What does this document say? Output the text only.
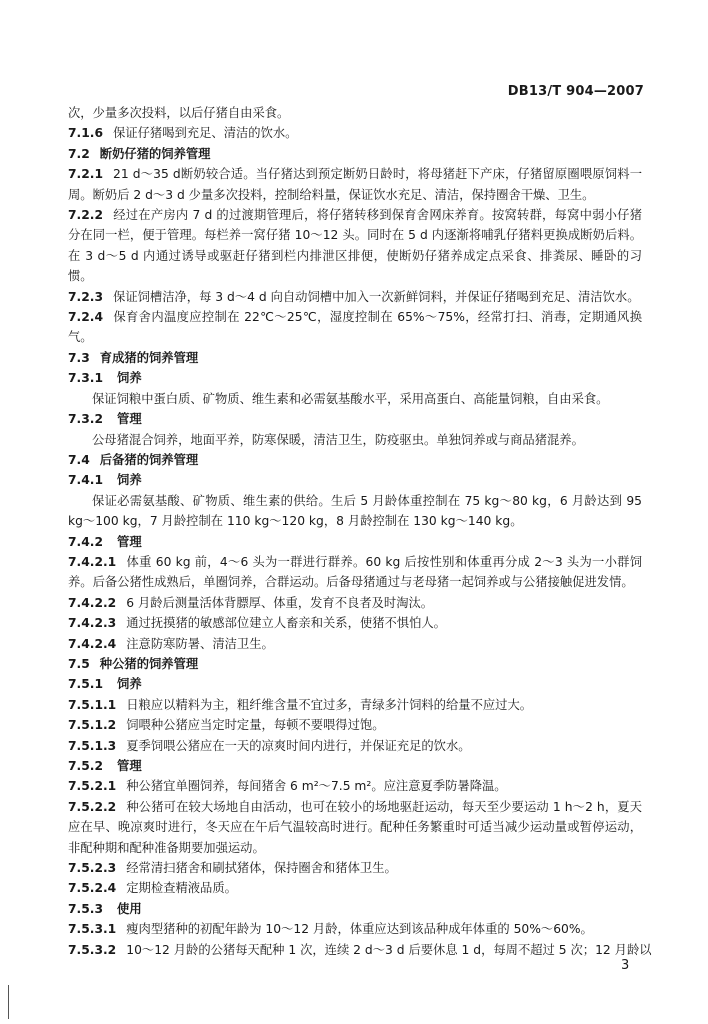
DB13/T 904—2007
次，少量多次投料，以后仔猪自由采食。
7.1.6 保证仔猪喝到充足、清洁的饮水。
7.2 断奶仔猪的饲养管理
7.2.1 21 d～35 d断奶较合适。当仔猪达到预定断奶日龄时，将母猪赶下产床，仔猪留原圈喂原饲料一周。断奶后 2 d～3 d 少量多次投料，控制给料量，保证饮水充足、清洁，保持圈舍干燥、卫生。
7.2.2 经过在产房内 7 d 的过渡期管理后，将仔猪转移到保育舍网床养育。按窝转群，每窝中弱小仔猪分在同一栏，便于管理。每栏养一窝仔猪 10～12 头。同时在 5 d 内逐渐将哺乳仔猪料更换成断奶后料。在 3 d～5 d 内通过诱导或驱赶仔猪到栏内排泄区排便，使断奶仔猪养成定点采食、排粪尿、睡卧的习惯。
7.2.3 保证饲槽洁净，每 3 d～4 d 向自动饲槽中加入一次新鲜饲料，并保证仔猪喝到充足、清洁饮水。
7.2.4 保育舍内温度应控制在 22℃～25℃，湿度控制在 65%～75%，经常打扫、消毒，定期通风换气。
7.3 育成猪的饲养管理
7.3.1 饲养
保证饲粮中蛋白质、矿物质、维生素和必需氨基酸水平，采用高蛋白、高能量饲粮，自由采食。
7.3.2 管理
公母猪混合饲养，地面平养，防寒保暖，清洁卫生，防疫驱虫。单独饲养或与商品猪混养。
7.4 后备猪的饲养管理
7.4.1 饲养
保证必需氨基酸、矿物质、维生素的供给。生后 5 月龄体重控制在 75 kg～80 kg，6 月龄达到 95 kg～100 kg，7 月龄控制在 110 kg～120 kg，8 月龄控制在 130 kg～140 kg。
7.4.2 管理
7.4.2.1 体重 60 kg 前，4～6 头为一群进行群养。60 kg 后按性别和体重再分成 2～3 头为一小群饲养。后备公猪性成熟后，单圈饲养，合群运动。后备母猪通过与老母猪一起饲养或与公猪接触促进发情。
7.4.2.2 6 月龄后测量活体背膘厚、体重，发育不良者及时淘汰。
7.4.2.3 通过抚摸猪的敏感部位建立人畜亲和关系，使猪不惧怕人。
7.4.2.4 注意防寒防暑、清洁卫生。
7.5 种公猪的饲养管理
7.5.1 饲养
7.5.1.1 日粮应以精料为主，粗纤维含量不宜过多，青绿多汁饲料的给量不应过大。
7.5.1.2 饲喂种公猪应当定时定量，每顿不要喂得过饱。
7.5.1.3 夏季饲喂公猪应在一天的凉爽时间内进行，并保证充足的饮水。
7.5.2 管理
7.5.2.1 种公猪宜单圈饲养，每间猪舍 6 m²～7.5 m²。应注意夏季防暑降温。
7.5.2.2 种公猪可在较大场地自由活动，也可在较小的场地驱赶运动，每天至少要运动 1 h～2 h，夏天应在早、晚凉爽时进行，冬天应在午后气温较高时进行。配种任务繁重时可适当减少运动量或暂停运动，非配种期和配种准备期要加强运动。
7.5.2.3 经常清扫猪舍和刷拭猪体，保持圈舍和猪体卫生。
7.5.2.4 定期检查精液品质。
7.5.3 使用
7.5.3.1 瘦肉型猪种的初配年龄为 10～12 月龄，体重应达到该品种成年体重的 50%～60%。
7.5.3.2 10～12 月龄的公猪每天配种 1 次，连续 2 d～3 d 后要休息 1 d，每周不超过 5 次；12 月龄以
3
